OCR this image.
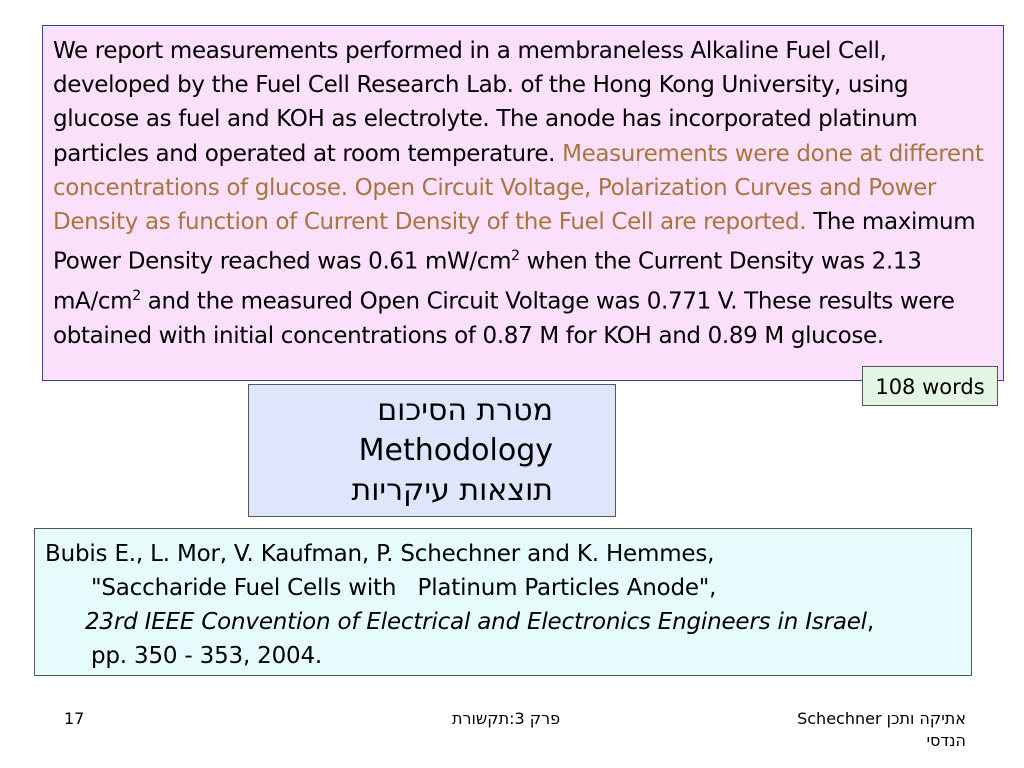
We report measurements performed in a membraneless Alkaline Fuel Cell, developed by the Fuel Cell Research Lab. of the Hong Kong University, using glucose as fuel and KOH as electrolyte. The anode has incorporated platinum particles and operated at room temperature. Measurements were done at different concentrations of glucose. Open Circuit Voltage, Polarization Curves and Power Density as function of Current Density of the Fuel Cell are reported. The maximum Power Density reached was 0.61 $mW/cm^2$ when the Current Density was 2.13 $mA/cm^2$ and the measured Open Circuit Voltage was 0.771 V. These results were obtained with initial concentrations of 0.87 M for KOH and 0.89 M glucose.

108 words
מטרת הסיכום
Methodology
תוצאות עיקריות
Bubis E., L. Mor, V. Kaufman, P. Schechner and K. Hemmes,
"Saccharide Fuel Cells with   Platinum Particles Anode",
23rd IEEE Convention of Electrical and Electronics Engineers in Israel,
pp. 350 - 353, 2004.
17	פרק 3:תקשורת	Schechner אתיקה ותכן
הנדסי
